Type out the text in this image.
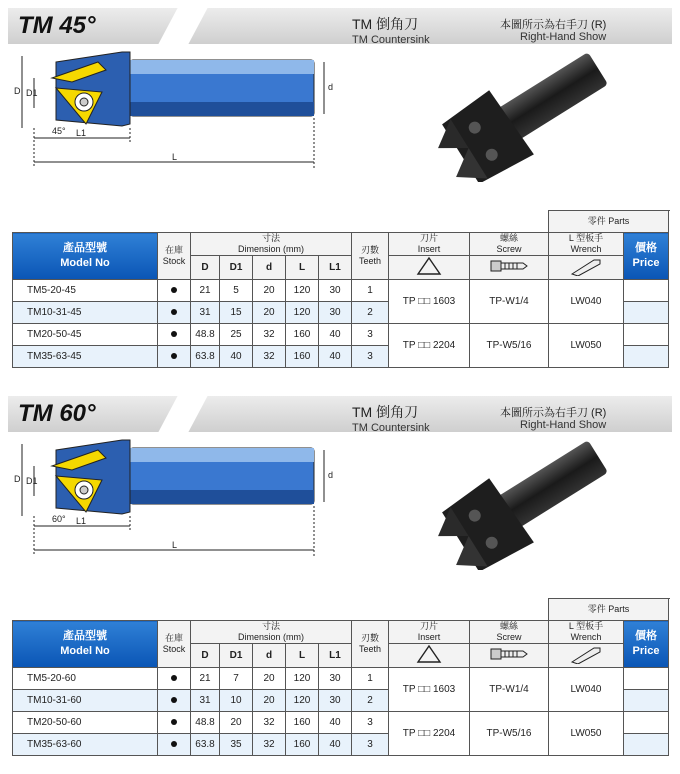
TM 45°	TM 倒角刀
TM Countersink
本圖所示為右手刀 (R)
Right-Hand Show
D D1
d
L1
L
45°
										零件 Parts		
產品型號
Model No	在庫
Stock	寸法
Dimension (mm)					刃數
Teeth	刀片
Insert	螺絲
Screw	L 型板手
Wrench	價格
Price	
		D	D1	d	L	L1			
TM5-20-45		21	5	20	120	30	1	TP □□ 1603	TP-W1/4	LW040		
TM10-31-45		31	15	20	120	30	2					
TM20-50-45		48.8	25	32	160	40	3	TP □□ 2204	TP-W5/16	LW050		
TM35-63-45		63.8	40	32	160	40	3					
TM 60°	TM 倒角刀
TM Countersink
本圖所示為右手刀 (R)
Right-Hand Show
D D1
d
L1
L
60°
										零件 Parts		
產品型號
Model No	在庫
Stock	寸法
Dimension (mm)					刃數
Teeth	刀片
Insert	螺絲
Screw	L 型板手
Wrench	價格
Price	
		D	D1	d	L	L1			
TM5-20-60		21	7	20	120	30	1	TP □□ 1603	TP-W1/4	LW040		
TM10-31-60		31	10	20	120	30	2					
TM20-50-60		48.8	20	32	160	40	3	TP □□ 2204	TP-W5/16	LW050		
TM35-63-60		63.8	35	32	160	40	3					
